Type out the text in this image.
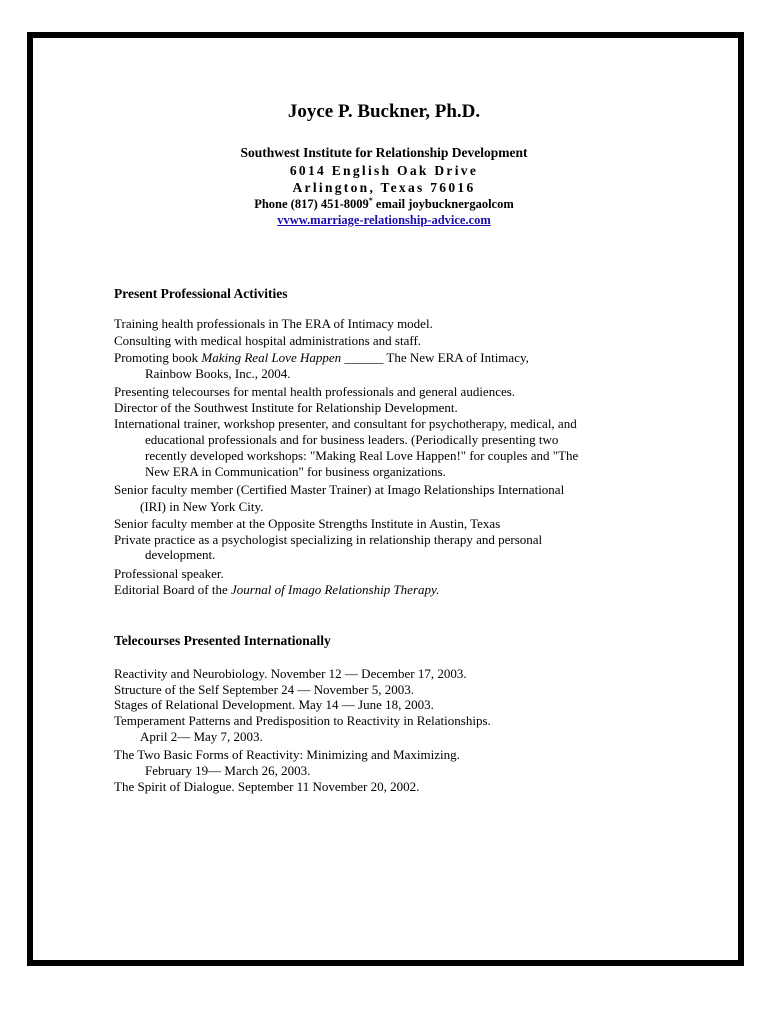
Joyce P. Buckner, Ph.D.
Southwest Institute for Relationship Development
6014 English Oak Drive
Arlington, Texas 76016
Phone (817) 451-8009* email joybucknergaolcom
vvww.marriage-relationship-advice.com
Present Professional Activities
Training health professionals in The ERA of Intimacy model.
Consulting with medical hospital administrations and staff.
Promoting book Making Real Love Happen ______ The New ERA of Intimacy,
Rainbow Books, Inc., 2004.
Presenting telecourses for mental health professionals and general audiences.
Director of the Southwest Institute for Relationship Development.
International trainer, workshop presenter, and consultant for psychotherapy, medical, and
educational professionals and for business leaders. (Periodically presenting two
recently developed workshops: "Making Real Love Happen!" for couples and "The
New ERA in Communication" for business organizations.
Senior faculty member (Certified Master Trainer) at Imago Relationships International
(IRI) in New York City.
Senior faculty member at the Opposite Strengths Institute in Austin, Texas
Private practice as a psychologist specializing in relationship therapy and personal
development.
Professional speaker.
Editorial Board of the Journal of Imago Relationship Therapy.
Telecourses Presented Internationally
Reactivity and Neurobiology. November 12 — December 17, 2003.
Structure of the Self September 24 — November 5, 2003.
Stages of Relational Development. May 14 — June 18, 2003.
Temperament Patterns and Predisposition to Reactivity in Relationships.
April 2— May 7, 2003.
The Two Basic Forms of Reactivity: Minimizing and Maximizing.
February 19— March 26, 2003.
The Spirit of Dialogue. September 11 November 20, 2002.
